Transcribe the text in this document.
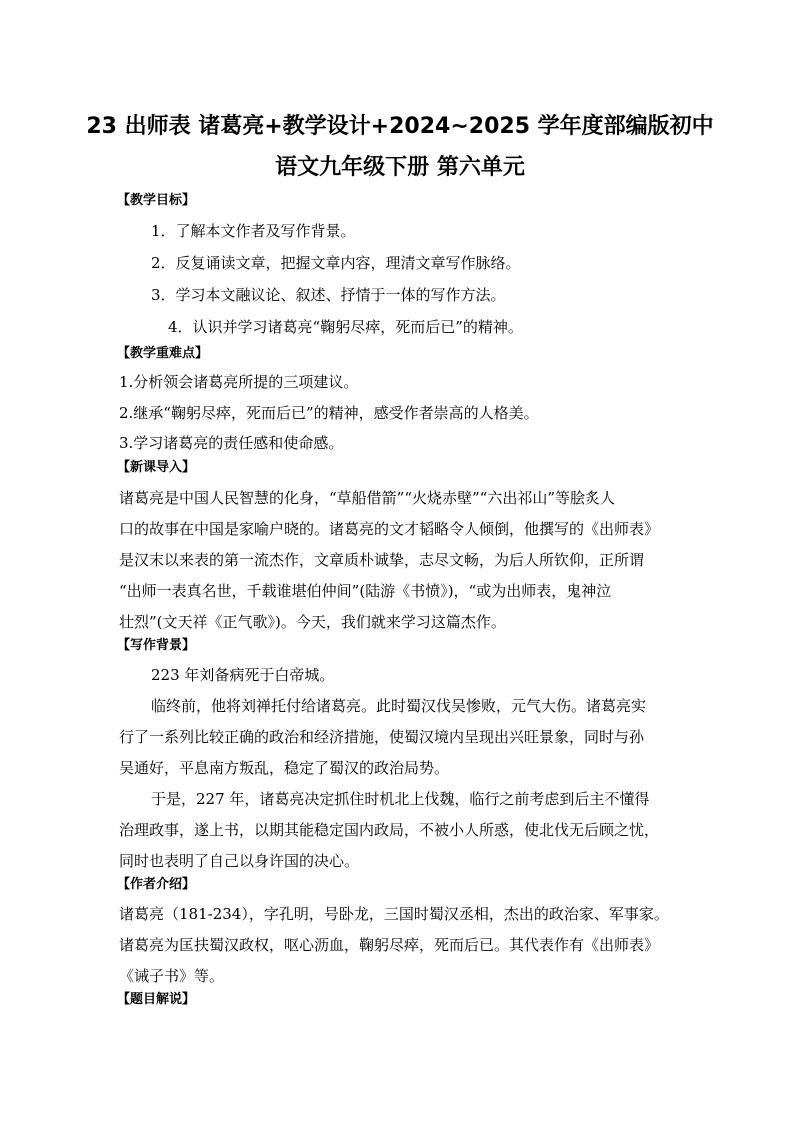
23 出师表 诸葛亮+教学设计+2024~2025 学年度部编版初中
语文九年级下册 第六单元
【教学目标】
1．了解本文作者及写作背景。
2．反复诵读文章，把握文章内容，理清文章写作脉络。
3．学习本文融议论、叙述、抒情于一体的写作方法。
4．认识并学习诸葛亮“鞠躬尽瘁，死而后已”的精神。
【教学重难点】
1.分析领会诸葛亮所提的三项建议。
2.继承“鞠躬尽瘁，死而后已”的精神，感受作者崇高的人格美。
3.学习诸葛亮的责任感和使命感。
【新课导入】
诸葛亮是中国人民智慧的化身，“草船借箭”“火烧赤壁”“六出祁山”等脍炙人
口的故事在中国是家喻户晓的。诸葛亮的文才韬略令人倾倒，他撰写的《出师表》
是汉末以来表的第一流杰作，文章质朴诚挚，志尽文畅，为后人所钦仰，正所谓
“出师一表真名世，千载谁堪伯仲间”(陆游《书愤》)，“或为出师表，鬼神泣
壮烈”(文天祥《正气歌》)。今天，我们就来学习这篇杰作。
【写作背景】
223 年刘备病死于白帝城。
临终前，他将刘禅托付给诸葛亮。此时蜀汉伐吴惨败，元气大伤。诸葛亮实
行了一系列比较正确的政治和经济措施，使蜀汉境内呈现出兴旺景象，同时与孙
吴通好，平息南方叛乱，稳定了蜀汉的政治局势。
于是，227 年，诸葛亮决定抓住时机北上伐魏，临行之前考虑到后主不懂得
治理政事，遂上书，以期其能稳定国内政局，不被小人所惑，使北伐无后顾之忧，
同时也表明了自己以身许国的决心。
【作者介绍】
诸葛亮（181-234），字孔明，号卧龙，三国时蜀汉丞相，杰出的政治家、军事家。
诸葛亮为匡扶蜀汉政权，呕心沥血，鞠躬尽瘁，死而后已。其代表作有《出师表》
《诫子书》等。
【题目解说】
